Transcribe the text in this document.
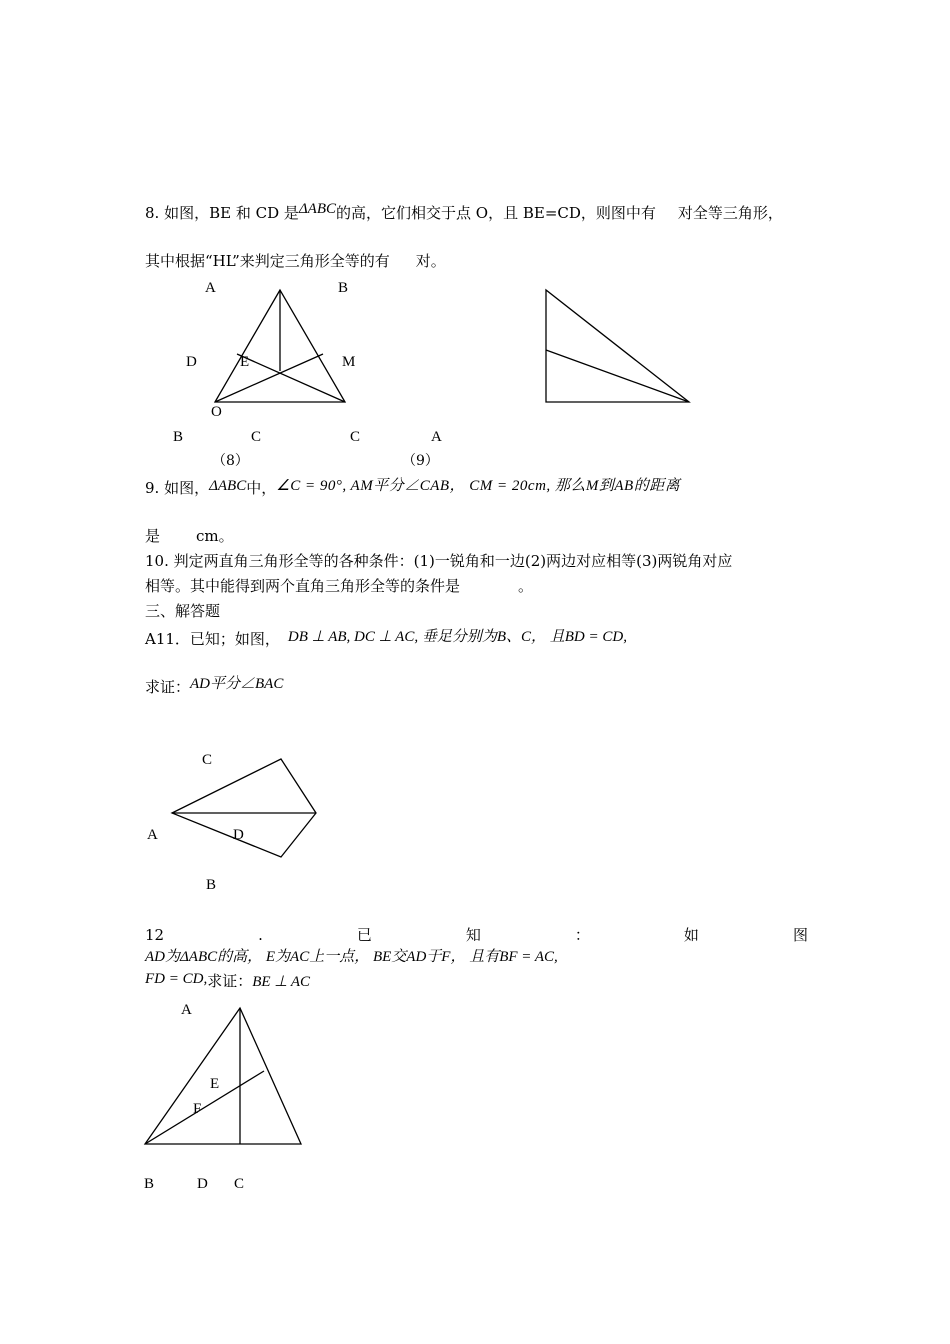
8. 如图，BE 和 CD 是ΔABC的高，它们相交于点 O，且 BE=CD，则图中有 对全等三角形，
其中根据“HL”来判定三角形全等的有 对。
A	B
D	E	M
O
B	C
（8）
C	A
（9）
9. 如图，ΔABC中，∠C = 90°, AM平分∠CAB， CM = 20cm, 那么M到AB的距离
是 cm。
10. 判定两直角三角形全等的各种条件：(1)一锐角和一边(2)两边对应相等(3)两锐角对应
相等。其中能得到两个直角三角形全等的条件是	。
三、解答题
A11．已知；如图， DB ⊥ AB, DC ⊥ AC, 垂足分别为B、C， 且BD = CD,
求证：AD平分∠BAC
C
A	D
B
12	.	已	知	：	如	图
AD为ΔABC的高， E为AC上一点， BE交AD于F， 且有BF = AC,
FD = CD,求证：BE ⊥ AC
A
E
F
B	D C
